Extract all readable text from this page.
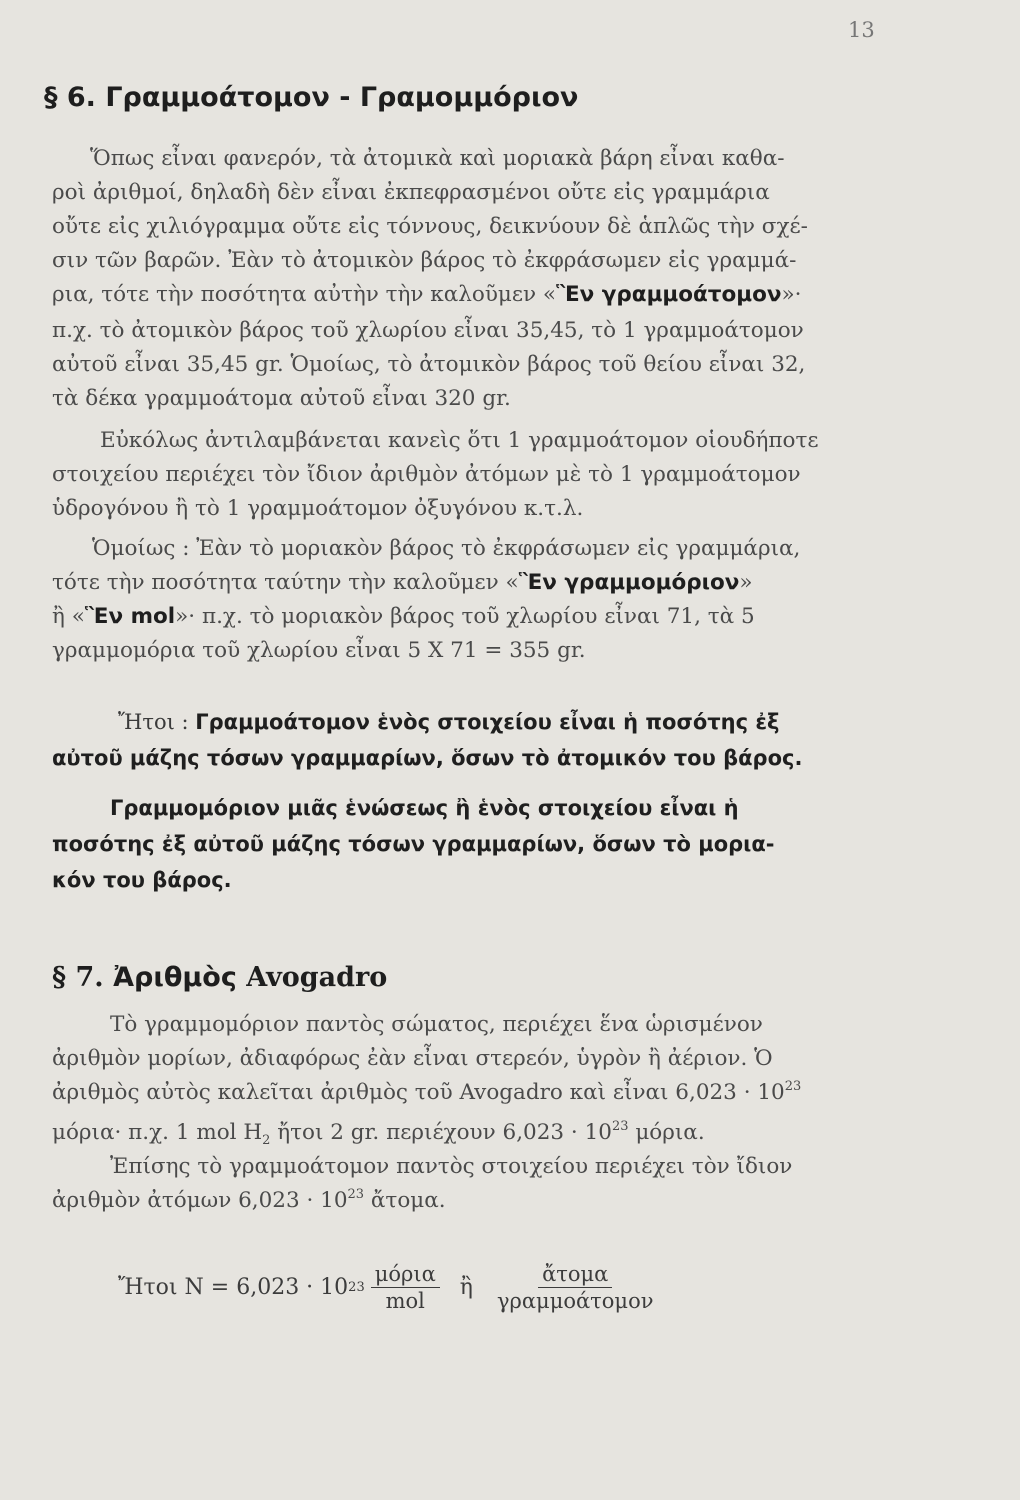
13
§ 6. Γραμμοάτομον - Γραμομμόριον
Ὅπως εἶναι φανερόν, τὰ ἀτομικὰ καὶ μοριακὰ βάρη εἶναι καθα-
ροὶ ἀριθμοί, δηλαδὴ δὲν εἶναι ἐκπεφρασμένοι οὔτε εἰς γραμμάρια
οὔτε εἰς χιλιόγραμμα οὔτε εἰς τόννους, δεικνύουν δὲ ἁπλῶς τὴν σχέ-
σιν τῶν βαρῶν. Ἐὰν τὸ ἀτομικὸν βάρος τὸ ἐκφράσωμεν εἰς γραμμά-
ρια, τότε τὴν ποσότητα αὐτὴν τὴν καλοῦμεν «Ἓν γραμμοάτομον»·
π.χ. τὸ ἀτομικὸν βάρος τοῦ χλωρίου εἶναι 35,45, τὸ 1 γραμμοάτομον
αὐτοῦ εἶναι 35,45 gr. Ὁμοίως, τὸ ἀτομικὸν βάρος τοῦ θείου εἶναι 32,
τὰ δέκα γραμμοάτομα αὐτοῦ εἶναι 320 gr.
Εὐκόλως ἀντιλαμβάνεται κανεὶς ὅτι 1 γραμμοάτομον οἱουδήποτε
στοιχείου περιέχει τὸν ἴδιον ἀριθμὸν ἀτόμων μὲ τὸ 1 γραμμοάτομον
ὑδρογόνου ἢ τὸ 1 γραμμοάτομον ὀξυγόνου κ.τ.λ.
Ὁμοίως : Ἐὰν τὸ μοριακὸν βάρος τὸ ἐκφράσωμεν εἰς γραμμάρια,
τότε τὴν ποσότητα ταύτην τὴν καλοῦμεν «Ἓν γραμμομόριον»
ἢ «Ἓν mol»· π.χ. τὸ μοριακὸν βάρος τοῦ χλωρίου εἶναι 71, τὰ 5
γραμμομόρια τοῦ χλωρίου εἶναι 5 X 71 = 355 gr.
Ἤτοι : Γραμμοάτομον ἑνὸς στοιχείου εἶναι ἡ ποσότης ἐξ
αὐτοῦ μάζης τόσων γραμμαρίων, ὅσων τὸ ἀτομικόν του βάρος.
Γραμμομόριον μιᾶς ἑνώσεως ἢ ἑνὸς στοιχείου εἶναι ἡ
ποσότης ἐξ αὐτοῦ μάζης τόσων γραμμαρίων, ὅσων τὸ μορια-
κόν του βάρος.
§ 7. Ἀριθμὸς Avogadro
Τὸ γραμμομόριον παντὸς σώματος, περιέχει ἕνα ὡρισμένον
ἀριθμὸν μορίων, ἀδιαφόρως ἐὰν εἶναι στερεόν, ὑγρὸν ἢ ἀέριον. Ὁ
ἀριθμὸς αὐτὸς καλεῖται ἀριθμὸς τοῦ Avogadro καὶ εἶναι $6,023 \cdot 10^{23}$
μόρια· π.χ. 1 mol $H_2$ ἤτοι 2 gr. περιέχουν $6,023 \cdot 10^{23}$ μόρια.
Ἐπίσης τὸ γραμμοάτομον παντὸς στοιχείου περιέχει τὸν ἴδιον
ἀριθμὸν ἀτόμων $6,023 \cdot 10^{23}$ ἄτομα.
Ἤτοι N = 6,023 · 10 $23 \frac{\text{μόρια}}{\text{mol}}$ ἢ $\frac{\text{ἄτομα}}{\text{γραμμοάτομον}}$
